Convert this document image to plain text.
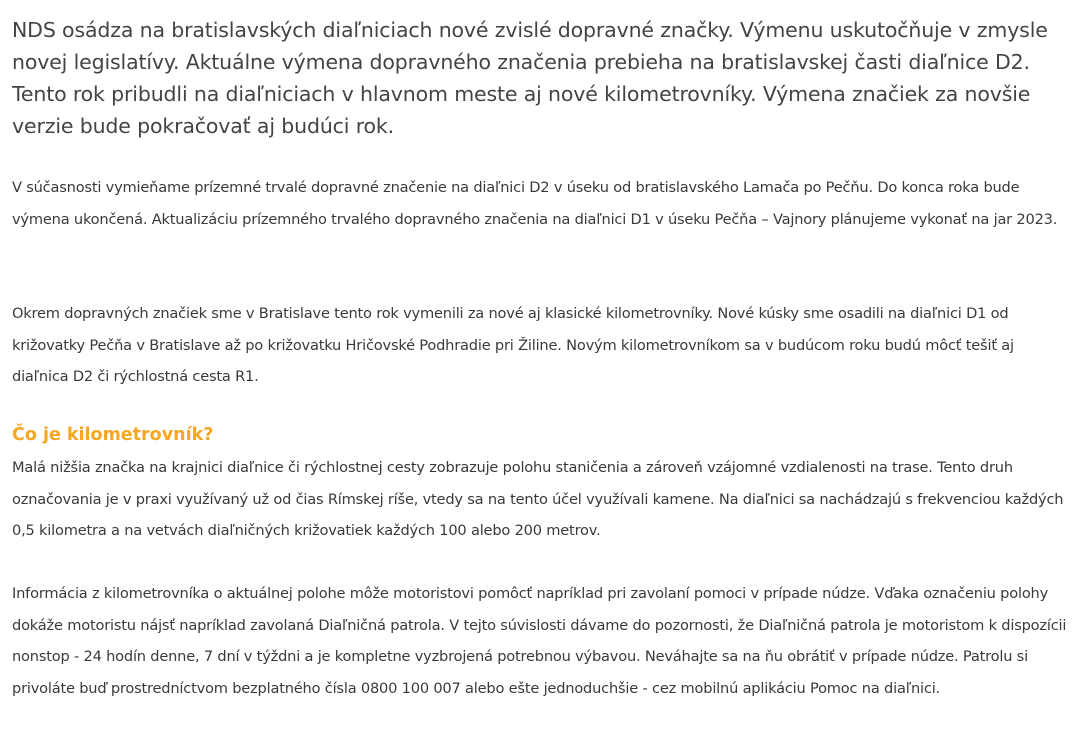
NDS osádza na bratislavských diaľniciach nové zvislé dopravné značky. Výmenu uskutočňuje v zmysle novej legislatívy. Aktuálne výmena dopravného značenia prebieha na bratislavskej časti diaľnice D2. Tento rok pribudli na diaľniciach v hlavnom meste aj nové kilometrovníky. Výmena značiek za novšie verzie bude pokračovať aj budúci rok.

V súčasnosti vymieňame prízemné trvalé dopravné značenie na diaľnici D2 v úseku od bratislavského Lamača po Pečňu. Do konca roka bude výmena ukončená. Aktualizáciu prízemného trvalého dopravného značenia na diaľnici D1 v úseku Pečňa – Vajnory plánujeme vykonať na jar 2023.

Okrem dopravných značiek sme v Bratislave tento rok vymenili za nové aj klasické kilometrovníky. Nové kúsky sme osadili na diaľnici D1 od križovatky Pečňa v Bratislave až po križovatku Hričovské Podhradie pri Žiline. Novým kilometrovníkom sa v budúcom roku budú môcť tešiť aj diaľnica D2 či rýchlostná cesta R1.

Čo je kilometrovník?

Malá nižšia značka na krajnici diaľnice či rýchlostnej cesty zobrazuje polohu staničenia a zároveň vzájomné vzdialenosti na trase. Tento druh označovania je v praxi využívaný už od čias Rímskej ríše, vtedy sa na tento účel využívali kamene. Na diaľnici sa nachádzajú s frekvenciou každých 0,5 kilometra a na vetvách diaľničných križovatiek každých 100 alebo 200 metrov.

Informácia z kilometrovníka o aktuálnej polohe môže motoristovi pomôcť napríklad pri zavolaní pomoci v prípade núdze. Vďaka označeniu polohy dokáže motoristu nájsť napríklad zavolaná Diaľničná patrola. V tejto súvislosti dávame do pozornosti, že Diaľničná patrola je motoristom k dispozícii nonstop - 24 hodín denne, 7 dní v týždni a je kompletne vyzbrojená potrebnou výbavou. Neváhajte sa na ňu obrátiť v prípade núdze. Patrolu si privoláte buď prostredníctvom bezplatného čísla 0800 100 007 alebo ešte jednoduchšie - cez mobilnú aplikáciu Pomoc na diaľnici.
